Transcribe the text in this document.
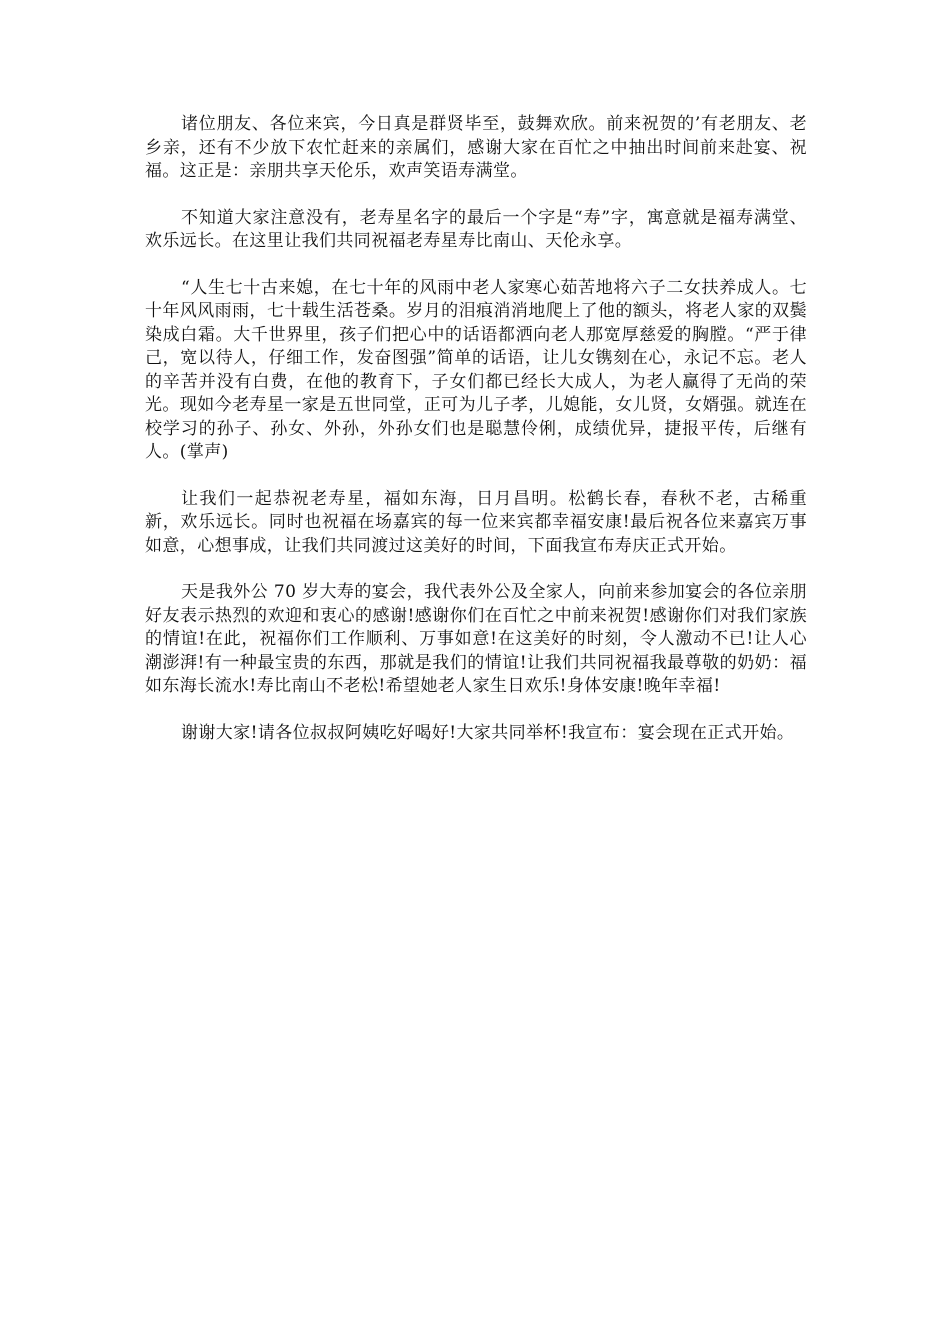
诸位朋友、各位来宾，今日真是群贤毕至，鼓舞欢欣。前来祝贺的’有老朋友、老乡亲，还有不少放下农忙赶来的亲属们，感谢大家在百忙之中抽出时间前来赴宴、祝福。这正是：亲朋共享天伦乐，欢声笑语寿满堂。

不知道大家注意没有，老寿星名字的最后一个字是“寿”字，寓意就是福寿满堂、欢乐远长。在这里让我们共同祝福老寿星寿比南山、天伦永享。

“人生七十古来媳，在七十年的风雨中老人家寒心茹苦地将六子二女扶养成人。七十年风风雨雨，七十载生活苍桑。岁月的泪痕消消地爬上了他的额头，将老人家的双鬓染成白霜。大千世界里，孩子们把心中的话语都洒向老人那宽厚慈爱的胸膛。“严于律己，宽以待人，仔细工作，发奋图强”简单的话语，让儿女镌刻在心，永记不忘。老人的辛苦并没有白费，在他的教育下，子女们都已经长大成人，为老人赢得了无尚的荣光。现如今老寿星一家是五世同堂，正可为儿子孝，儿媳能，女儿贤，女婿强。就连在校学习的孙子、孙女、外孙，外孙女们也是聪慧伶俐，成绩优异，捷报平传，后继有人。(掌声)

让我们一起恭祝老寿星，福如东海，日月昌明。松鹤长春，春秋不老，古稀重新，欢乐远长。同时也祝福在场嘉宾的每一位来宾都幸福安康!最后祝各位来嘉宾万事如意，心想事成，让我们共同渡过这美好的时间，下面我宣布寿庆正式开始。

天是我外公 70 岁大寿的宴会，我代表外公及全家人，向前来参加宴会的各位亲朋好友表示热烈的欢迎和衷心的感谢!感谢你们在百忙之中前来祝贺!感谢你们对我们家族的情谊!在此，祝福你们工作顺利、万事如意!在这美好的时刻，令人激动不已!让人心潮澎湃!有一种最宝贵的东西，那就是我们的情谊!让我们共同祝福我最尊敬的奶奶：福如东海长流水!寿比南山不老松!希望她老人家生日欢乐!身体安康!晚年幸福!

谢谢大家!请各位叔叔阿姨吃好喝好!大家共同举杯!我宣布：宴会现在正式开始。
